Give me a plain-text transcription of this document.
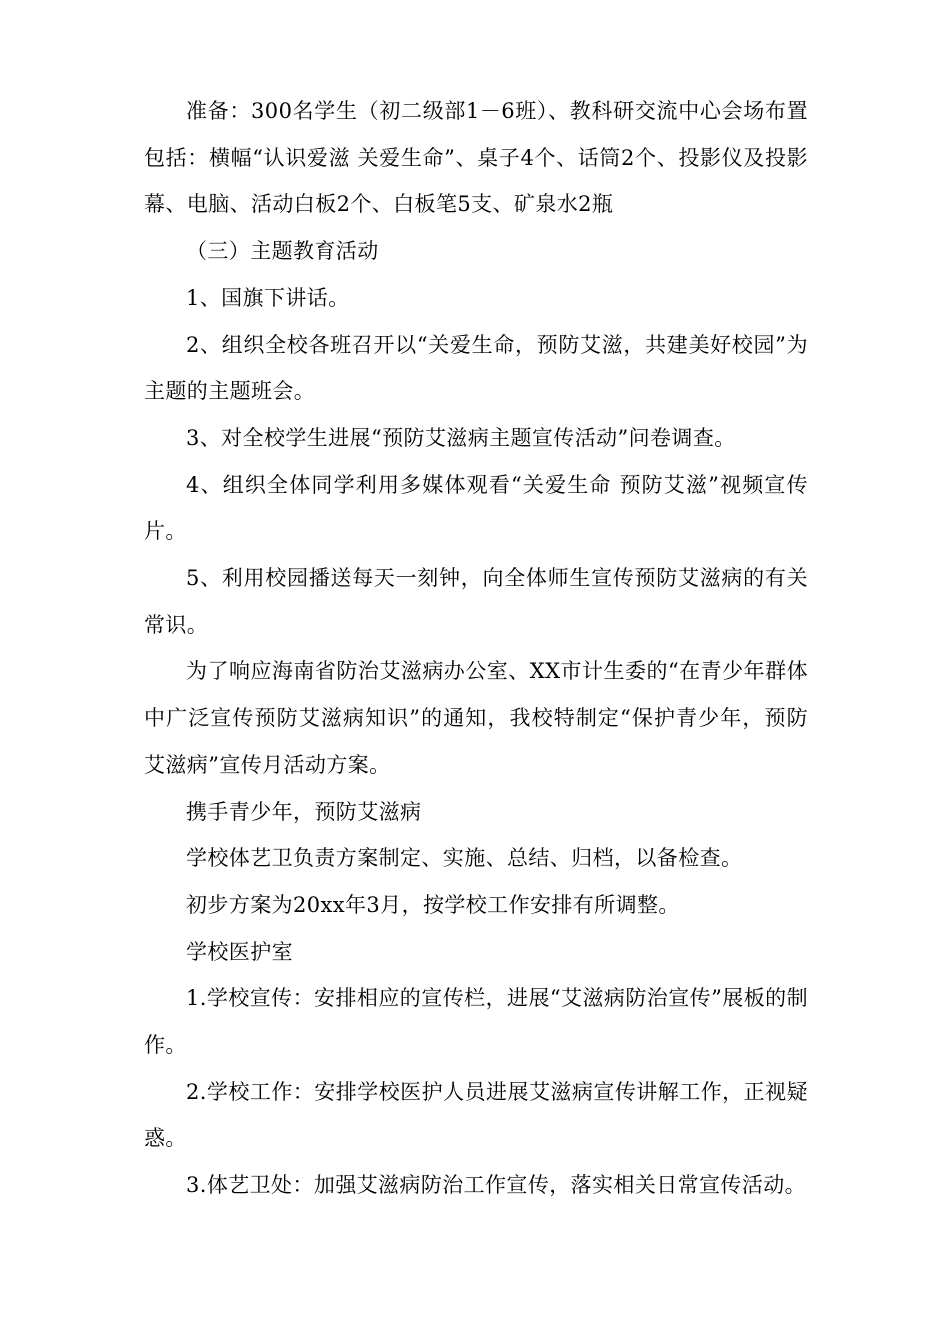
准备：300名学生（初二级部1－6班）、教科研交流中心会场布置包括：横幅“认识爱滋 关爱生命”、桌子4个、话筒2个、投影仪及投影幕、电脑、活动白板2个、白板笔5支、矿泉水2瓶

（三）主题教育活动

1、国旗下讲话。

2、组织全校各班召开以“关爱生命，预防艾滋，共建美好校园”为主题的主题班会。

3、对全校学生进展“预防艾滋病主题宣传活动”问卷调查。

4、组织全体同学利用多媒体观看“关爱生命 预防艾滋”视频宣传片。

5、利用校园播送每天一刻钟，向全体师生宣传预防艾滋病的有关常识。

为了响应海南省防治艾滋病办公室、XX市计生委的“在青少年群体中广泛宣传预防艾滋病知识”的通知，我校特制定“保护青少年，预防艾滋病”宣传月活动方案。

携手青少年，预防艾滋病

学校体艺卫负责方案制定、实施、总结、归档，以备检查。

初步方案为20xx年3月，按学校工作安排有所调整。

学校医护室

1.学校宣传：安排相应的宣传栏，进展“艾滋病防治宣传”展板的制作。

2.学校工作：安排学校医护人员进展艾滋病宣传讲解工作，正视疑惑。

3.体艺卫处：加强艾滋病防治工作宣传，落实相关日常宣传活动。
